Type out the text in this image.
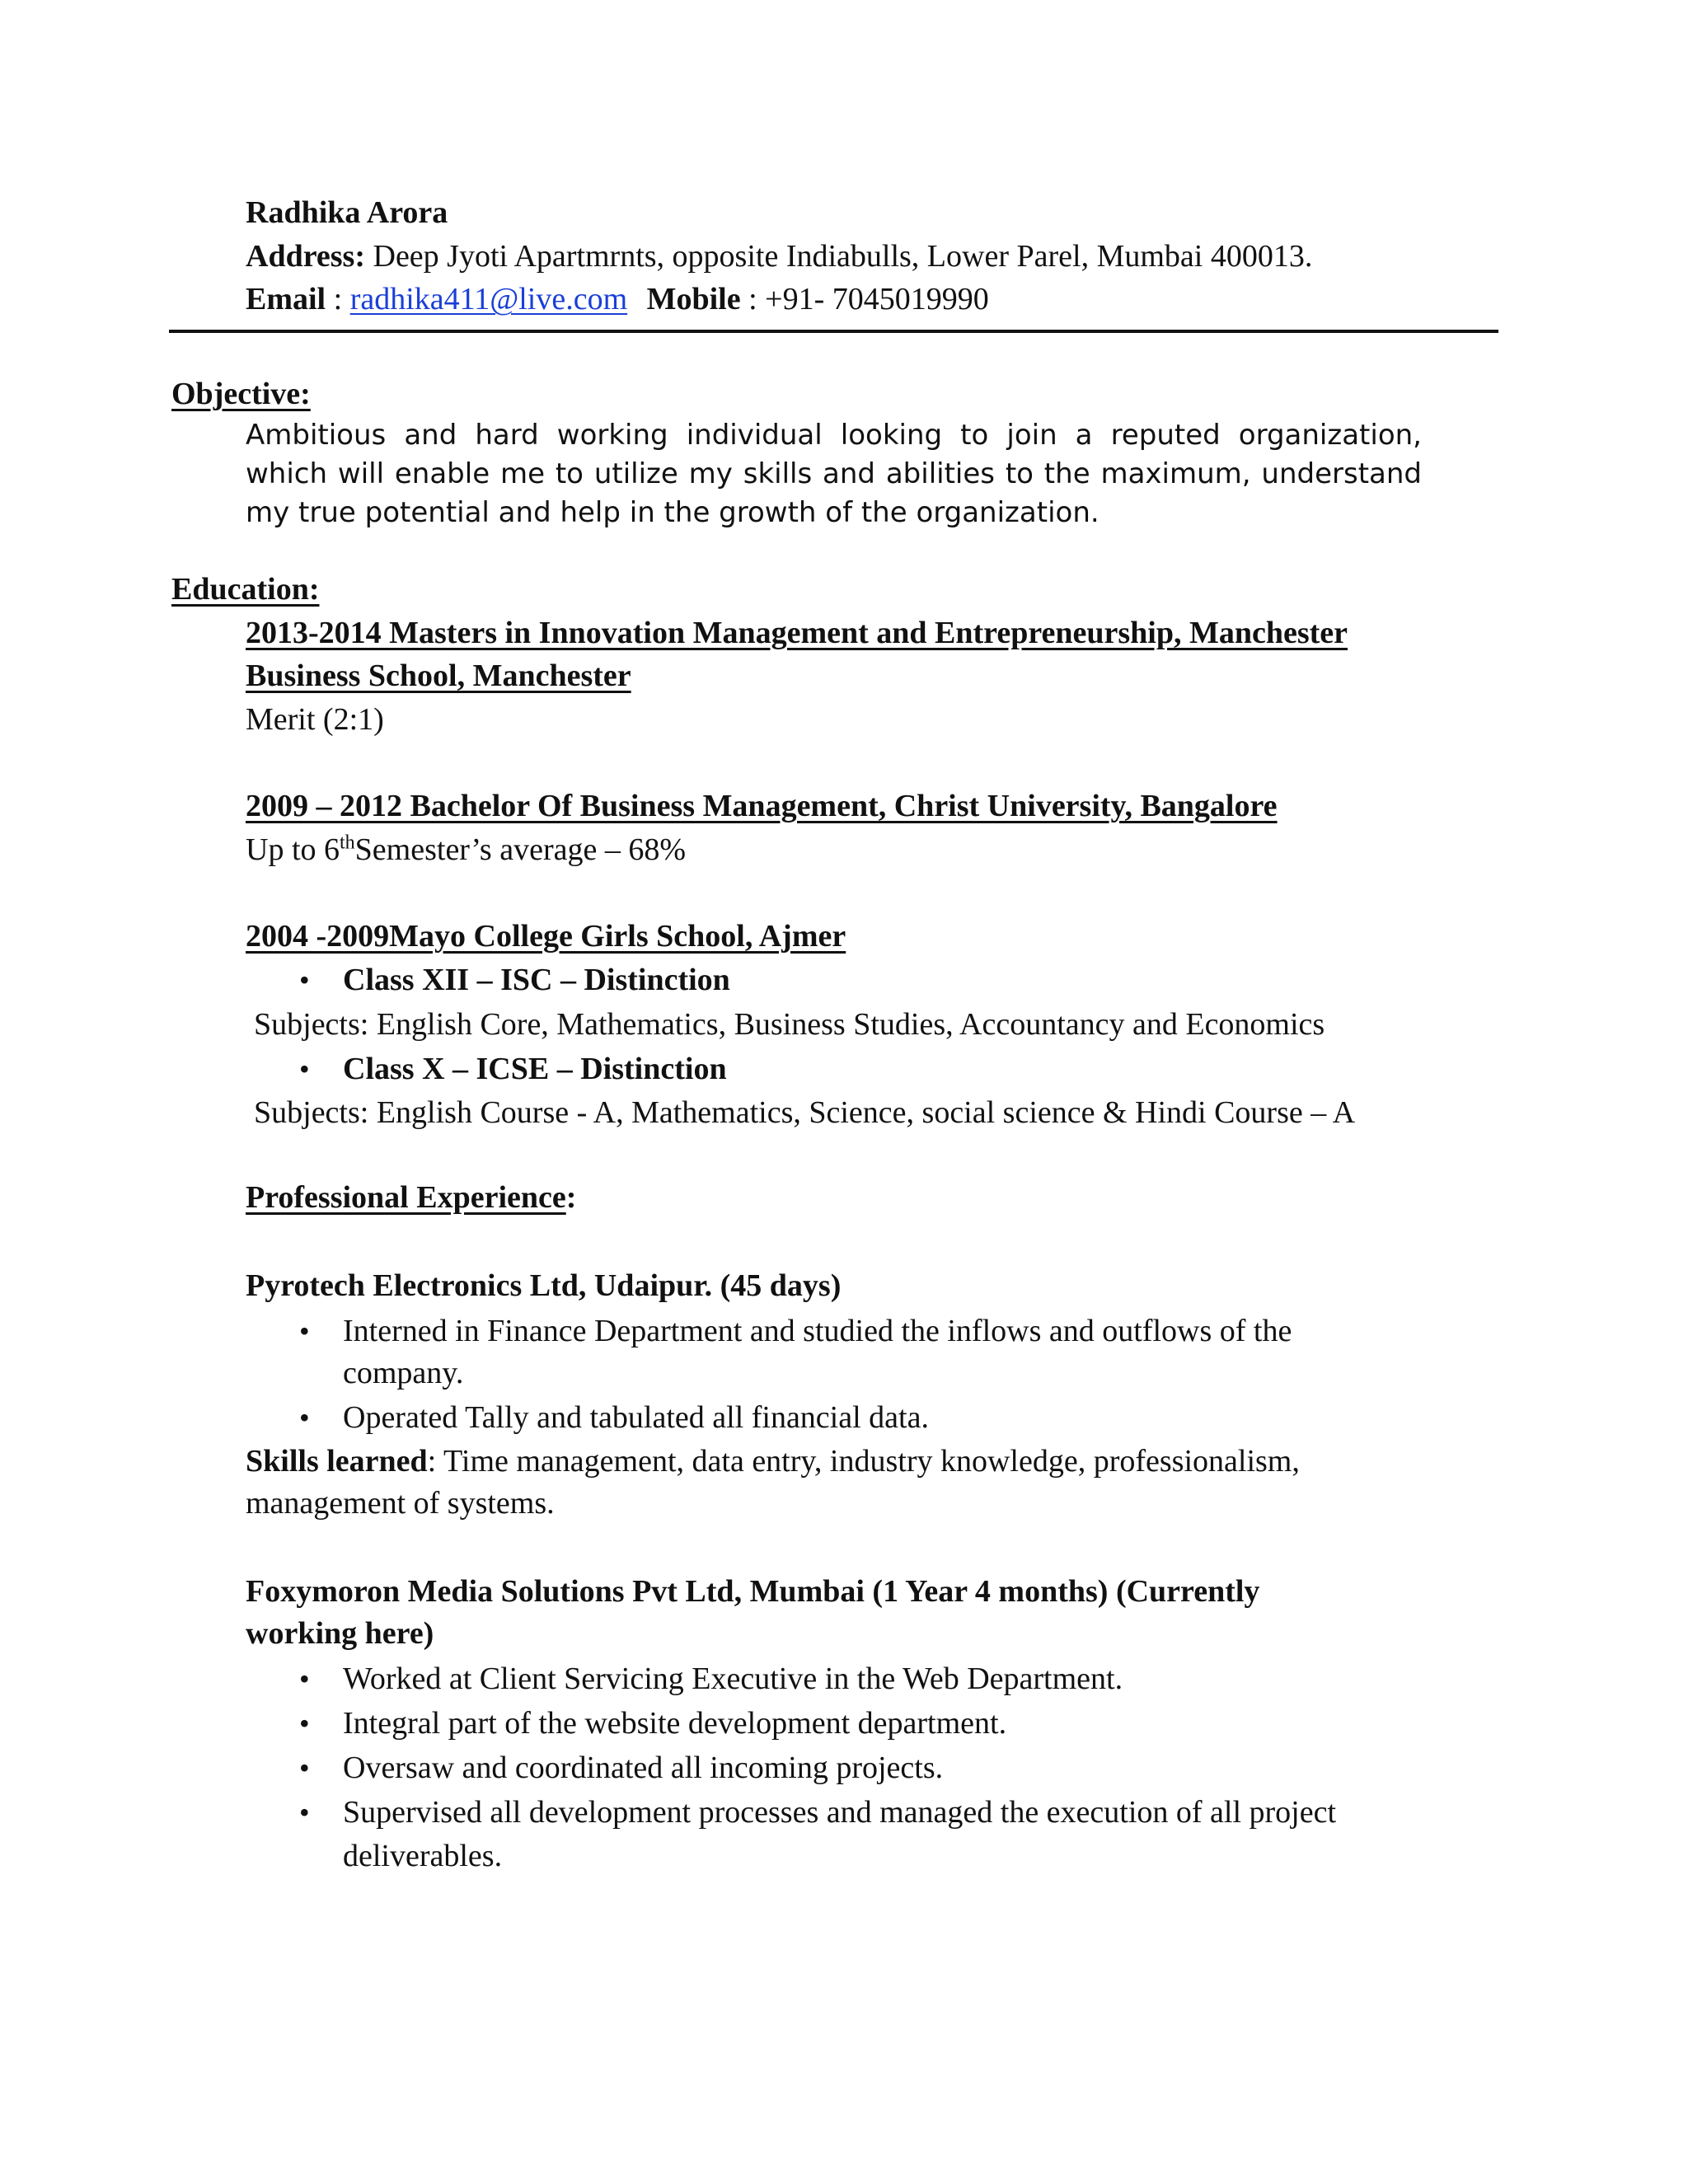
Radhika Arora
Address: Deep Jyoti Apartmrnts, opposite Indiabulls, Lower Parel, Mumbai 400013.
Email : radhika411@live.com Mobile : +91- 7045019990
Objective:
Ambitious and hard working individual looking to join a reputed organization,
which will enable me to utilize my skills and abilities to the maximum, understand
my true potential and help in the growth of the organization.
Education:
2013-2014 Masters in Innovation Management and Entrepreneurship, Manchester
Business School, Manchester
Merit (2:1)
2009 – 2012 Bachelor Of Business Management, Christ University, Bangalore
Up to 6thSemester’s average – 68%
2004 -2009Mayo College Girls School, Ajmer
• Class XII – ISC – Distinction
Subjects: English Core, Mathematics, Business Studies, Accountancy and Economics
• Class X – ICSE – Distinction
Subjects: English Course - A, Mathematics, Science, social science & Hindi Course – A
Professional Experience:
Pyrotech Electronics Ltd, Udaipur. (45 days)
• Interned in Finance Department and studied the inflows and outflows of the
company.
• Operated Tally and tabulated all financial data.
Skills learned: Time management, data entry, industry knowledge, professionalism,
management of systems.
Foxymoron Media Solutions Pvt Ltd, Mumbai (1 Year 4 months) (Currently
working here)
• Worked at Client Servicing Executive in the Web Department.
• Integral part of the website development department.
• Oversaw and coordinated all incoming projects.
• Supervised all development processes and managed the execution of all project
deliverables.
